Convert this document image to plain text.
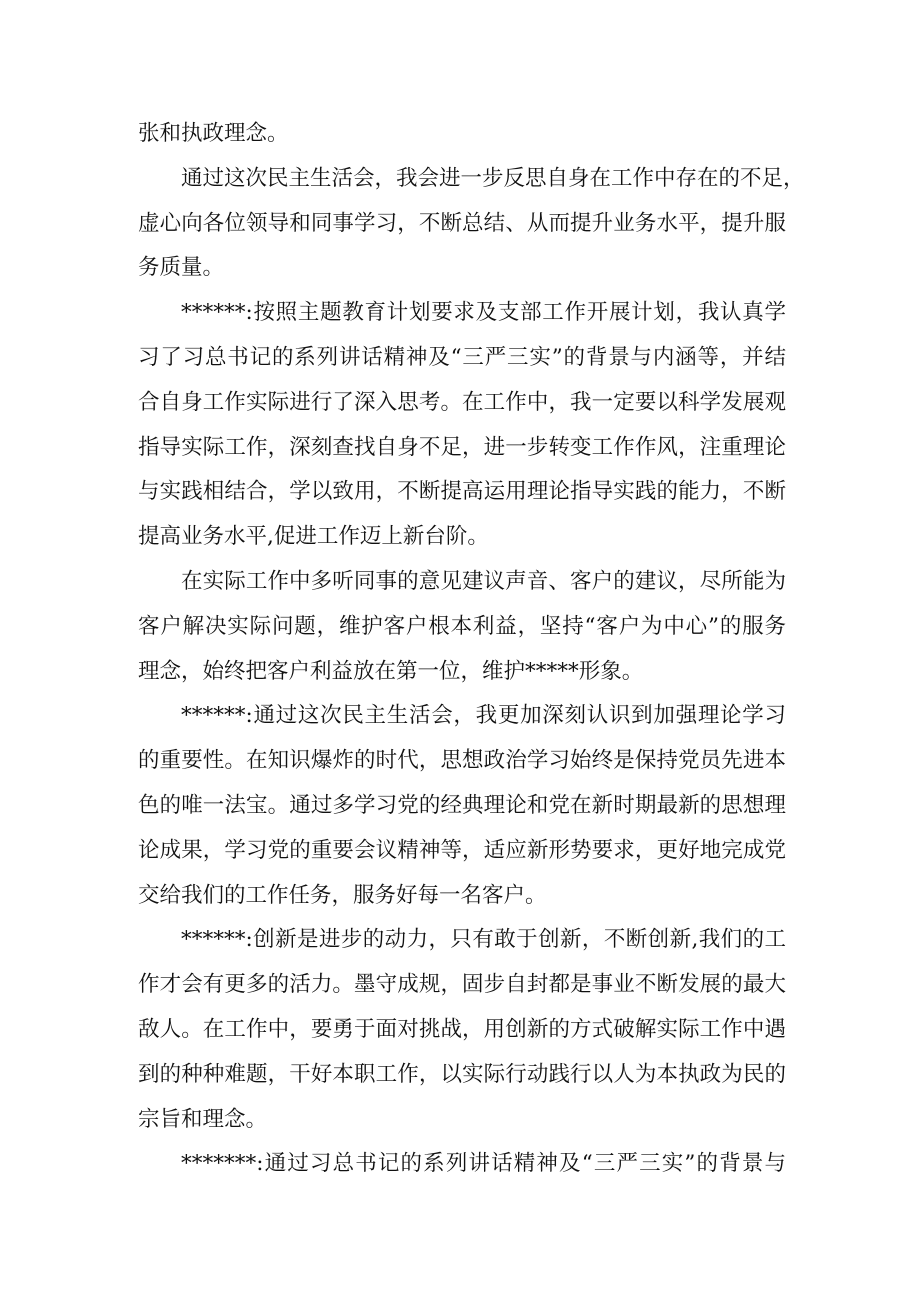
张和执政理念。
通过这次民主生活会，我会进一步反思自身在工作中存在的不足，
虚心向各位领导和同事学习，不断总结、从而提升业务水平，提升服
务质量。
******:按照主题教育计划要求及支部工作开展计划，我认真学
习了习总书记的系列讲话精神及“三严三实”的背景与内涵等，并结
合自身工作实际进行了深入思考。在工作中，我一定要以科学发展观
指导实际工作，深刻查找自身不足，进一步转变工作作风，注重理论
与实践相结合，学以致用，不断提高运用理论指导实践的能力，不断
提高业务水平,促进工作迈上新台阶。
在实际工作中多听同事的意见建议声音、客户的建议，尽所能为
客户解决实际问题，维护客户根本利益，坚持“客户为中心”的服务
理念，始终把客户利益放在第一位，维护*****形象。
******:通过这次民主生活会，我更加深刻认识到加强理论学习
的重要性。在知识爆炸的时代，思想政治学习始终是保持党员先进本
色的唯一法宝。通过多学习党的经典理论和党在新时期最新的思想理
论成果，学习党的重要会议精神等，适应新形势要求，更好地完成党
交给我们的工作任务，服务好每一名客户。
******:创新是进步的动力，只有敢于创新，不断创新,我们的工
作才会有更多的活力。墨守成规，固步自封都是事业不断发展的最大
敌人。在工作中，要勇于面对挑战，用创新的方式破解实际工作中遇
到的种种难题，干好本职工作，以实际行动践行以人为本执政为民的
宗旨和理念。
*******:通过习总书记的系列讲话精神及“三严三实”的背景与
